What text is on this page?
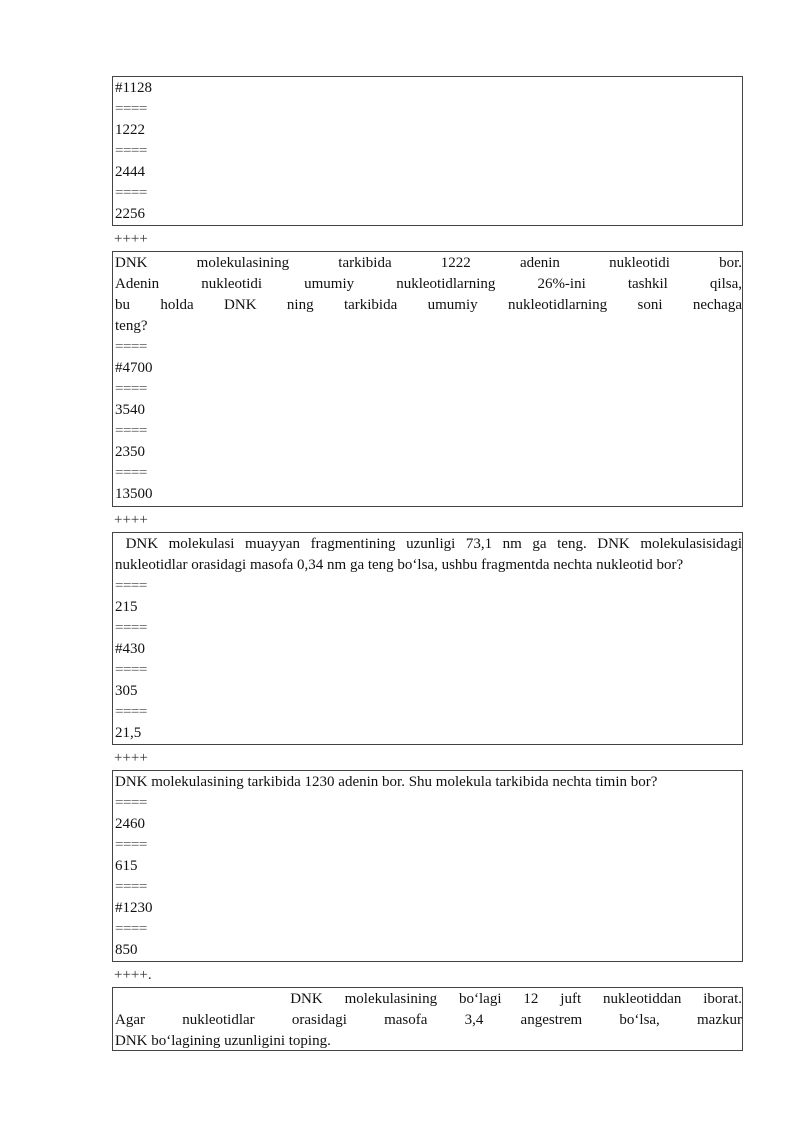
#1128
====
1222
====
2444
====
2256
++++
DNK molekulasining tarkibida 1222 adenin nukleotidi bor.
Adenin nukleotidi umumiy nukleotidlarning 26%-ini tashkil qilsa,
bu holda DNK ning tarkibida umumiy nukleotidlarning soni nechaga
teng?
====
#4700
====
3540
====
2350
====
13500
++++
DNK molekulasi muayyan fragmentining uzunligi 73,1 nm ga teng. DNK molekulasisidagi
nukleotidlar orasidagi masofa 0,34 nm ga teng bo‘lsa, ushbu fragmentda nechta nukleotid bor?
====
215
====
#430
====
305
====
21,5
++++
DNK molekulasining tarkibida 1230 adenin bor. Shu molekula tarkibida nechta timin bor?
====
2460
====
615
====
#1230
====
850
++++.
DNK molekulasining bo‘lagi 12 juft nukleotiddan iborat.
Agar nukleotidlar orasidagi masofa 3,4 angestrem bo‘lsa, mazkur
DNK bo‘lagining uzunligini toping.
